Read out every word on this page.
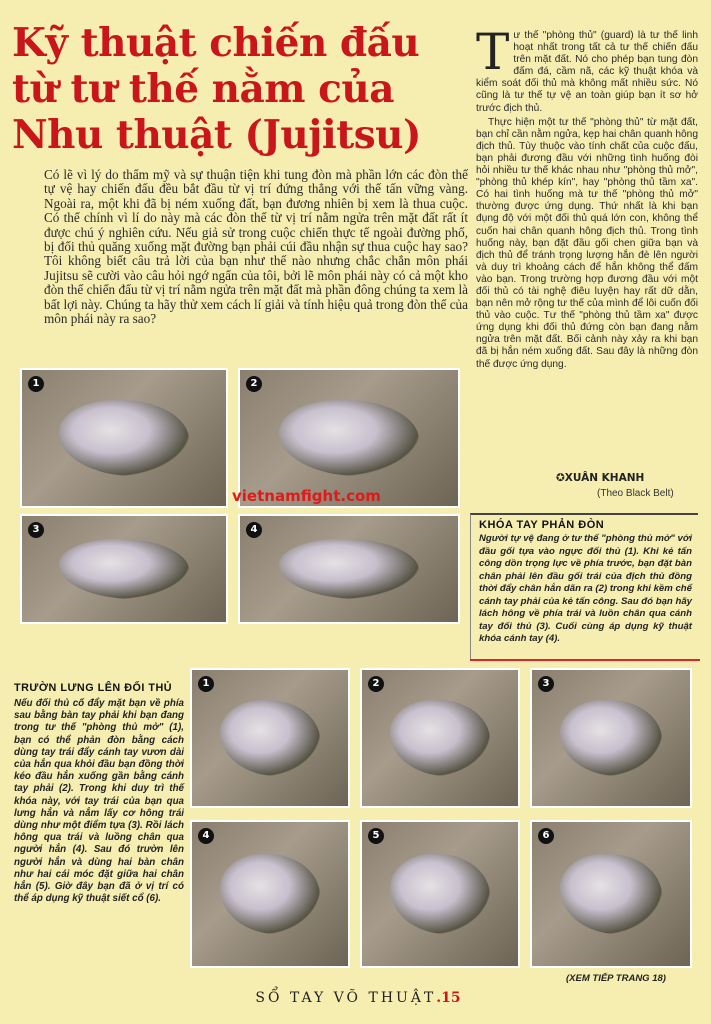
Kỹ thuật chiến đấu từ tư thế nằm của Nhu thuật (Jujitsu)

Có lẽ vì lý do thẩm mỹ và sự thuận tiện khi tung đòn mà phần lớn các đòn thế tự vệ hay chiến đấu đều bắt đầu từ vị trí đứng thẳng với thế tấn vững vàng. Ngoài ra, một khi đã bị ném xuống đất, bạn đương nhiên bị xem là thua cuộc. Có thể chính vì lí do này mà các đòn thế từ vị trí nằm ngửa trên mặt đất rất ít được chú ý nghiên cứu. Nếu giả sử trong cuộc chiến thực tế ngoài đường phố, bị đối thủ quăng xuống mặt đường bạn phải cúi đầu nhận sự thua cuộc hay sao? Tôi không biết câu trả lời của bạn như thế nào nhưng chắc chắn môn phái Jujitsu sẽ cười vào câu hỏi ngớ ngẩn của tôi, bởi lẽ môn phái này có cả một kho đòn thế chiến đấu từ vị trí nằm ngửa trên mặt đất mà phần đông chúng ta xem là bất lợi này. Chúng ta hãy thử xem cách lí giải và tính hiệu quả trong đòn thế của môn phái này ra sao?

Tư thế "phòng thủ" (guard) là tư thế linh hoạt nhất trong tất cả tư thế chiến đấu trên mặt đất. Nó cho phép bạn tung đòn đấm đá, cầm nã, các kỹ thuật khóa và kiểm soát đối thủ mà không mất nhiều sức. Nó cũng là tư thế tự vệ an toàn giúp bạn ít sơ hở trước địch thủ.

Thực hiện một tư thế "phòng thủ" từ mặt đất, bạn chỉ cần nằm ngửa, kẹp hai chân quanh hông địch thủ. Tùy thuộc vào tính chất của cuộc đấu, bạn phải đương đầu với những tình huống đòi hỏi nhiều tư thế khác nhau như "phòng thủ mở", "phòng thủ khép kín", hay "phòng thủ tầm xa". Có hai tình huống mà tư thế "phòng thủ mở" thường được ứng dụng. Thứ nhất là khi bạn đụng độ với một đối thủ quá lớn con, không thể cuốn hai chân quanh hông địch thủ. Trong tình huống này, bạn đặt đầu gối chen giữa bạn và địch thủ để tránh trọng lượng hắn đè lên người và duy trì khoảng cách để hắn không thể đấm vào bạn. Trong trường hợp đương đầu với một đối thủ có tài nghệ điêu luyện hay rất dữ dằn, bạn nên mở rộng tư thế của mình để lôi cuốn đối thủ vào cuộc. Tư thế "phòng thủ tầm xa" được ứng dụng khi đối thủ đứng còn bạn đang nằm ngửa trên mặt đất. Bối cảnh này xảy ra khi bạn đã bị hắn ném xuống đất. Sau đây là những đòn thế được ứng dụng.

✪XUÂN KHANH
(Theo Black Belt)
1	2
3	4
vietnamfight.com
KHÓA TAY PHẢN ĐÒN
Người tự vệ đang ở tư thế "phòng thủ mở" với đầu gối tựa vào ngực đối thủ (1). Khi kẻ tấn công dồn trọng lực về phía trước, bạn đặt bàn chân phải lên đầu gối trái của địch thủ đồng thời đẩy chân hắn dãn ra (2) trong khi kềm chế cánh tay phải của kẻ tấn công. Sau đó bạn hãy lách hông về phía trái và luồn chân qua cánh tay đối thủ (3). Cuối cùng áp dụng kỹ thuật khóa cánh tay (4).
TRƯỜN LƯNG LÊN ĐỐI THỦ
Nếu đối thủ cố đẩy mặt bạn về phía sau bằng bàn tay phải khi bạn đang trong tư thế "phòng thủ mở" (1), bạn có thể phản đòn bằng cách dùng tay trái đẩy cánh tay vươn dài của hắn qua khỏi đầu bạn đồng thời kéo đầu hắn xuống gần bằng cánh tay phải (2). Trong khi duy trì thế khóa này, với tay trái của bạn qua lưng hắn và nắm lấy cơ hông trái dùng như một điểm tựa (3). Rồi lách hông qua trái và luồng chân qua người hắn (4). Sau đó trườn lên người hắn và dùng hai bàn chân như hai cái móc đặt giữa hai chân hắn (5). Giờ đây bạn đã ở vị trí có thể áp dụng kỹ thuật siết cổ (6).
1	2	3
4	5	6
(XEM TIẾP TRANG 18)
SỔ TAY VÕ THUẬT.15
